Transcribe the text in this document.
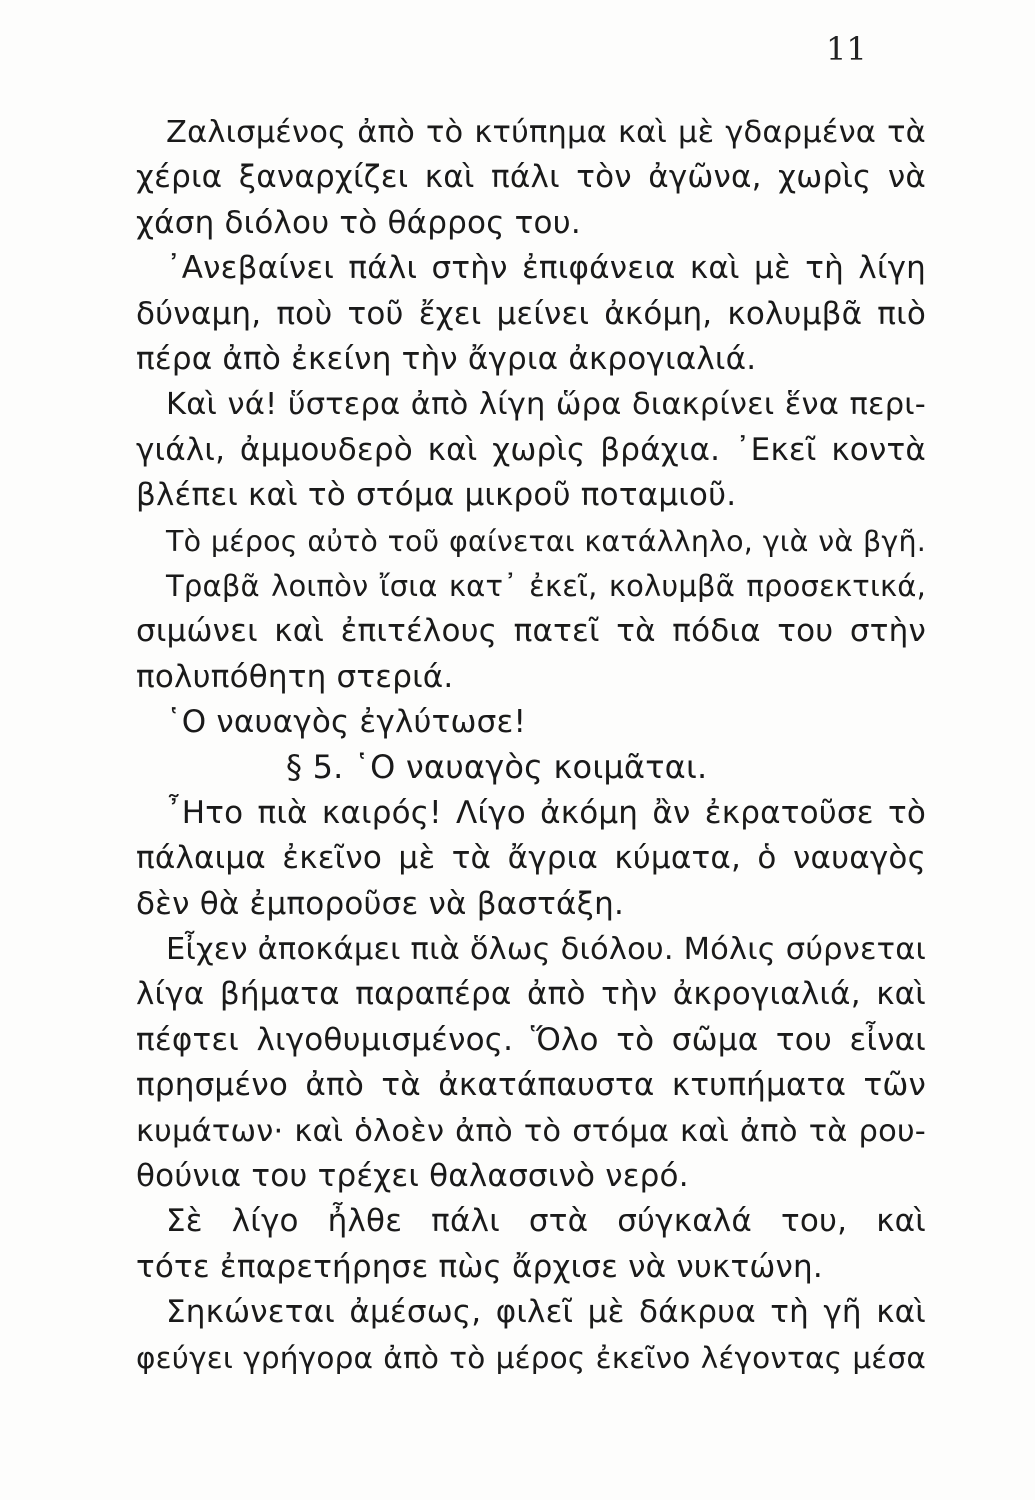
11
Ζαλισμένος ἀπὸ τὸ κτύπημα καὶ μὲ γδαρμένα τὰ
χέρια ξαναρχίζει καὶ πάλι τὸν ἀγῶνα, χωρὶς νὰ
χάση διόλου τὸ θάρρος του.
᾿Ανεβαίνει πάλι στὴν ἐπιφάνεια καὶ μὲ τὴ λίγη
δύναμη, ποὺ τοῦ ἔχει μείνει ἀκόμη, κολυμβᾶ πιὸ
πέρα ἀπὸ ἐκείνη τὴν ἄγρια ἀκρογιαλιά.
Καὶ νά! ὕστερα ἀπὸ λίγη ὥρα διακρίνει ἕνα περι-
γιάλι, ἀμμουδερὸ καὶ χωρὶς βράχια. ᾿Εκεῖ κοντὰ
βλέπει καὶ τὸ στόμα μικροῦ ποταμιοῦ.
Τὸ μέρος αὐτὸ τοῦ φαίνεται κατάλληλο, γιὰ νὰ βγῆ.
Τραβᾶ λοιπὸν ἴσια κατ᾿ ἐκεῖ, κολυμβᾶ προσεκτικά,
σιμώνει καὶ ἐπιτέλους πατεῖ τὰ πόδια του στὴν
πολυπόθητη στεριά.
῾Ο ναυαγὸς ἐγλύτωσε!
§ 5. ῾Ο ναυαγὸς κοιμᾶται.
῏Ητο πιὰ καιρός! Λίγο ἀκόμη ἂν ἐκρατοῦσε τὸ
πάλαιμα ἐκεῖνο μὲ τὰ ἄγρια κύματα, ὁ ναυαγὸς
δὲν θὰ ἐμποροῦσε νὰ βαστάξη.
Εἶχεν ἀποκάμει πιὰ ὅλως διόλου. Μόλις σύρνεται
λίγα βήματα παραπέρα ἀπὸ τὴν ἀκρογιαλιά, καὶ
πέφτει λιγοθυμισμένος. Ὅλο τὸ σῶμα του εἶναι
πρησμένο ἀπὸ τὰ ἀκατάπαυστα κτυπήματα τῶν
κυμάτων· καὶ ὁλοὲν ἀπὸ τὸ στόμα καὶ ἀπὸ τὰ ρου-
θούνια του τρέχει θαλασσινὸ νερό.
Σὲ λίγο ἦλθε πάλι στὰ σύγκαλά του, καὶ
τότε ἐπαρετήρησε πὼς ἄρχισε νὰ νυκτώνη.
Σηκώνεται ἀμέσως, φιλεῖ μὲ δάκρυα τὴ γῆ καὶ
φεύγει γρήγορα ἀπὸ τὸ μέρος ἐκεῖνο λέγοντας μέσα
